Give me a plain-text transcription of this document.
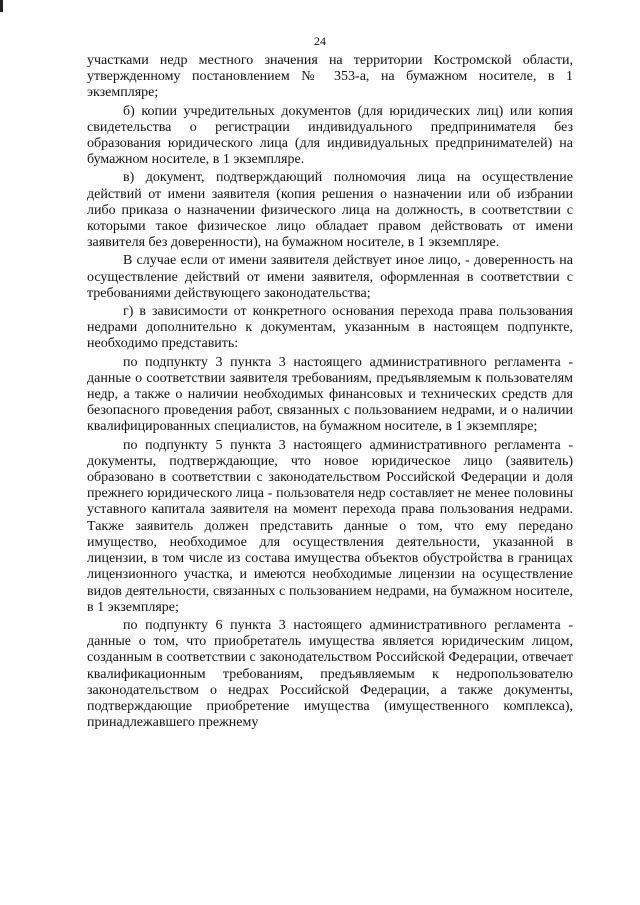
24

участками недр местного значения на территории Костромской области, утвержденному постановлением № 353-а, на бумажном носителе, в 1 экземпляре;

б) копии учредительных документов (для юридических лиц) или копия свидетельства о регистрации индивидуального предпринимателя без образования юридического лица (для индивидуальных предпринимателей) на бумажном носителе, в 1 экземпляре.

в) документ, подтверждающий полномочия лица на осуществление действий от имени заявителя (копия решения о назначении или об избрании либо приказа о назначении физического лица на должность, в соответствии с которыми такое физическое лицо обладает правом действовать от имени заявителя без доверенности), на бумажном носителе, в 1 экземпляре.

В случае если от имени заявителя действует иное лицо, - доверенность на осуществление действий от имени заявителя, оформленная в соответствии с требованиями действующего законодательства;

г) в зависимости от конкретного основания перехода права пользования недрами дополнительно к документам, указанным в настоящем подпункте, необходимо представить:

по подпункту 3 пункта 3 настоящего административного регламента - данные о соответствии заявителя требованиям, предъявляемым к пользователям недр, а также о наличии необходимых финансовых и технических средств для безопасного проведения работ, связанных с пользованием недрами, и о наличии квалифицированных специалистов, на бумажном носителе, в 1 экземпляре;

по подпункту 5 пункта 3 настоящего административного регламента - документы, подтверждающие, что новое юридическое лицо (заявитель) образовано в соответствии с законодательством Российской Федерации и доля прежнего юридического лица - пользователя недр составляет не менее половины уставного капитала заявителя на момент перехода права пользования недрами. Также заявитель должен представить данные о том, что ему передано имущество, необходимое для осуществления деятельности, указанной в лицензии, в том числе из состава имущества объектов обустройства в границах лицензионного участка, и имеются необходимые лицензии на осуществление видов деятельности, связанных с пользованием недрами, на бумажном носителе, в 1 экземпляре;

по подпункту 6 пункта 3 настоящего административного регламента - данные о том, что приобретатель имущества является юридическим лицом, созданным в соответствии с законодательством Российской Федерации, отвечает квалификационным требованиям, предъявляемым к недропользователю законодательством о недрах Российской Федерации, а также документы, подтверждающие приобретение имущества (имущественного комплекса), принадлежавшего прежнему
